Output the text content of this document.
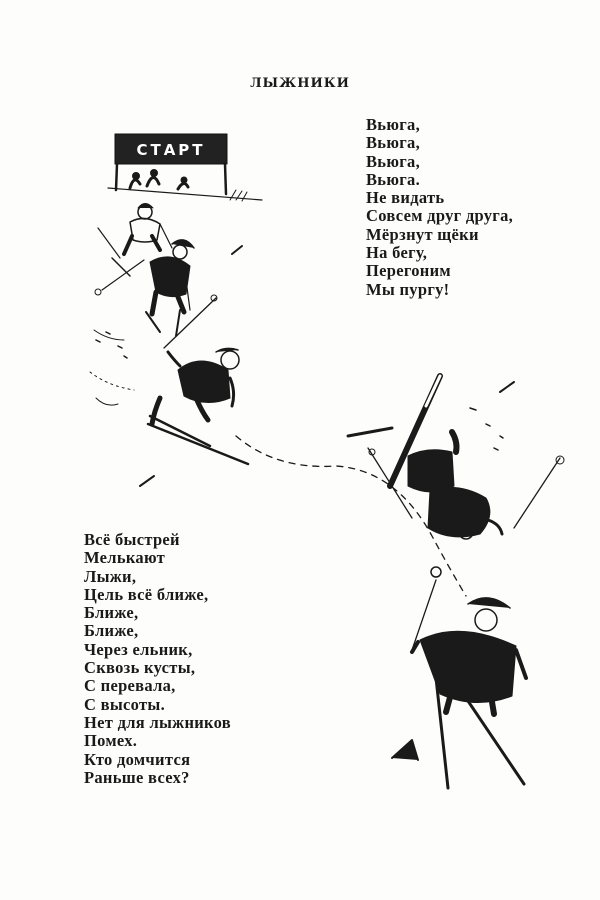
ЛЫЖНИКИ
Вьюга,
Вьюга,
Вьюга,
Вьюга.
Не видать
Совсем друг друга,
Мёрзнут щёки
На бегу,
Перегоним
Мы пургу!
Всё быстрей
Мелькают
Лыжи,
Цель всё ближе,
Ближе,
Ближе,
Через ельник,
Сквозь кусты,
С перевала,
С высоты.
Нет для лыжников
Помех.
Кто домчится
Раньше всех?
СТАРТ
